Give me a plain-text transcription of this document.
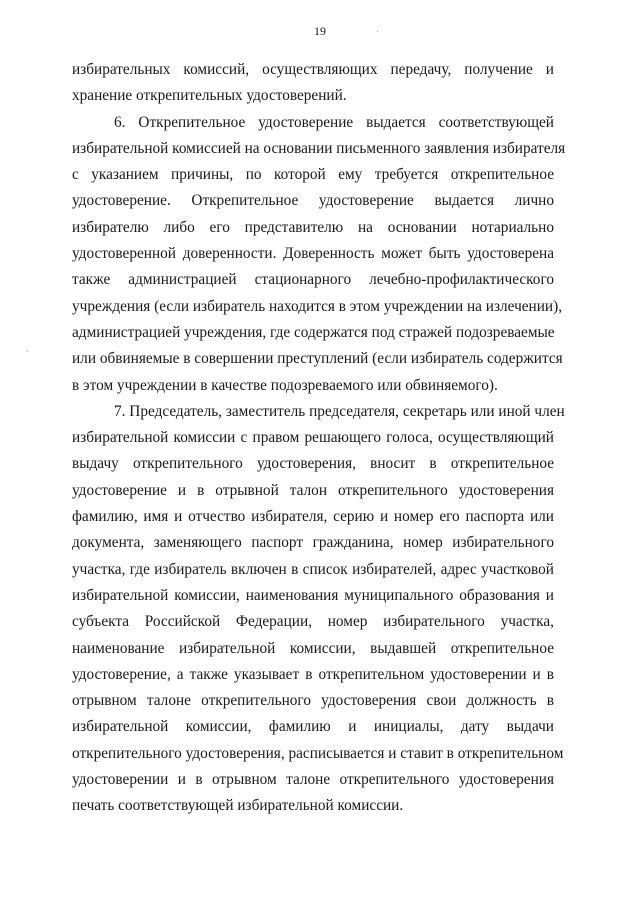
19
избирательных комиссий, осуществляющих передачу, получение и
хранение открепительных удостоверений.
6. Открепительное удостоверение выдается соответствующей
избирательной комиссией на основании письменного заявления избирателя
с указанием причины, по которой ему требуется открепительное
удостоверение. Открепительное удостоверение выдается лично
избирателю либо его представителю на основании нотариально
удостоверенной доверенности. Доверенность может быть удостоверена
также администрацией стационарного лечебно-профилактического
учреждения (если избиратель находится в этом учреждении на излечении),
администрацией учреждения, где содержатся под стражей подозреваемые
или обвиняемые в совершении преступлений (если избиратель содержится
в этом учреждении в качестве подозреваемого или обвиняемого).
7. Председатель, заместитель председателя, секретарь или иной член
избирательной комиссии с правом решающего голоса, осуществляющий
выдачу открепительного удостоверения, вносит в открепительное
удостоверение и в отрывной талон открепительного удостоверения
фамилию, имя и отчество избирателя, серию и номер его паспорта или
документа, заменяющего паспорт гражданина, номер избирательного
участка, где избиратель включен в список избирателей, адрес участковой
избирательной комиссии, наименования муниципального образования и
субъекта Российской Федерации, номер избирательного участка,
наименование избирательной комиссии, выдавшей открепительное
удостоверение, а также указывает в открепительном удостоверении и в
отрывном талоне открепительного удостоверения свои должность в
избирательной комиссии, фамилию и инициалы, дату выдачи
открепительного удостоверения, расписывается и ставит в открепительном
удостоверении и в отрывном талоне открепительного удостоверения
печать соответствующей избирательной комиссии.
·
·
